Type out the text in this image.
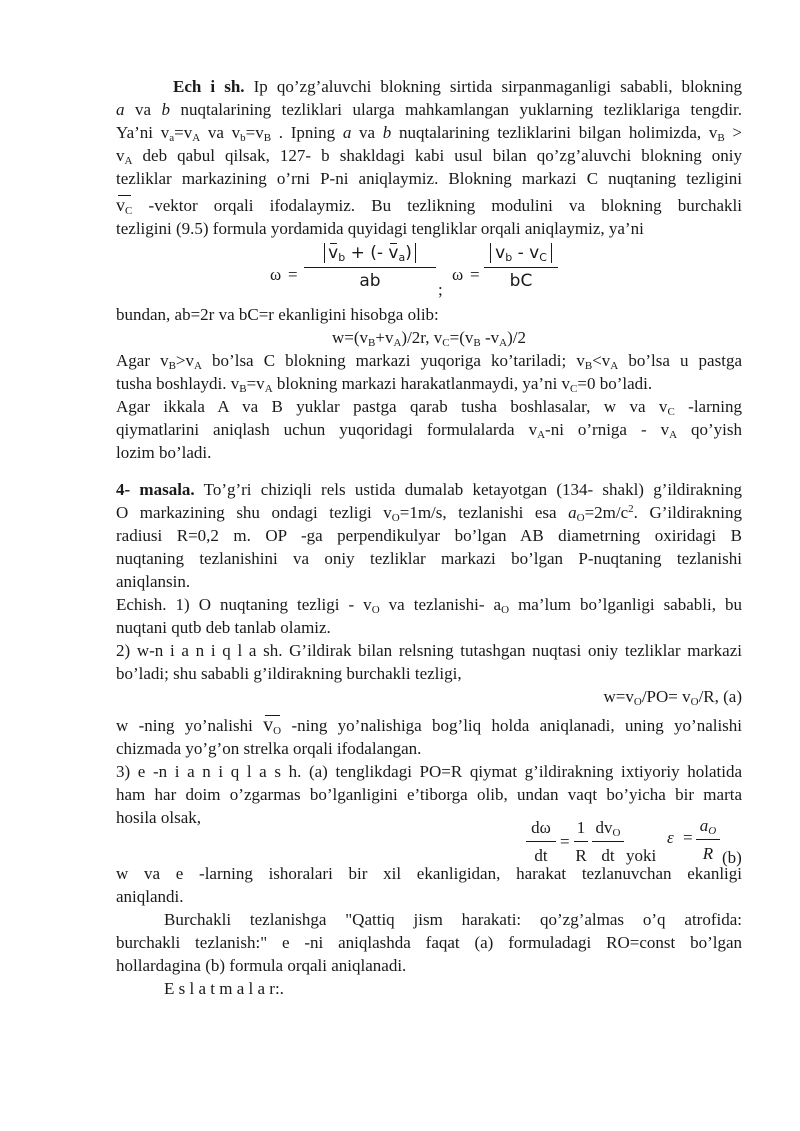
Ech i sh. Ip qo’zg’aluvchi blokning sirtida sirpanmaganligi sababli, blokning
a va b nuqtalarining tezliklari ularga mahkamlangan yuklarning tezliklariga tengdir.
Ya’ni $v_a=v_A$ va $v_b=v_B$ . Ipning a va b nuqtalarining tezliklarini bilgan holimizda, $v_B$ >
$v_A$ deb qabul qilsak, 127- b shakldagi kabi usul bilan qo’zg’aluvchi blokning oniy
tezliklar markazining o’rni P-ni aniqlaymiz. Blokning markazi C nuqtaning tezligini
$v_C$ -vektor orqali ifodalaymiz. Bu tezlikning modulini va blokning burchakli
tezligini (9.5) formula yordamida quyidagi tengliklar orqali aniqlaymiz, ya’ni
ω =
$v_b$ + (- $v_a$)
ab	;
ω =
$v_b - v_C$
bC
bundan, ab=2r va bC=r ekanligini hisobga olib:
$w=(v_B+v_A)/2r$, $v_C=(v_B$ $-v_A)/2$
Agar $v_B>v_A$ bo’lsa C blokning markazi yuqoriga ko’tariladi; $v_B<v_A$ bo’lsa u pastga
tusha boshlaydi. $v_B=v_A$ blokning markazi harakatlanmaydi, ya’ni $v_C=0$ bo’ladi.
Agar ikkala A va B yuklar pastga qarab tusha boshlasalar, w va $v_C$ -larning
qiymatlarini aniqlash uchun yuqoridagi formulalarda $v_A-ni$ o’rniga - $v_A$ qo’yish
lozim bo’ladi.
4- masala. To’g’ri chiziqli rels ustida dumalab ketayotgan (134- shakl) g’ildirakning
O markazining shu ondagi tezligi $v_O=1m/s$, tezlanishi esa $a_O=2m/c^2$. G’ildirakning
radiusi R=0,2 m. OP -ga perpendikulyar bo’lgan AB diametrning oxiridagi B
nuqtaning tezlanishini va oniy tezliklar markazi bo’lgan P-nuqtaning tezlanishi
aniqlansin.
Echish. 1) O nuqtaning tezligi - $v_O$ va tezlanishi- $a_O$ ma’lum bo’lganligi sababli, bu
nuqtani qutb deb tanlab olamiz.
2) w-n i a n i q l a sh. G’ildirak bilan relsning tutashgan nuqtasi oniy tezliklar markazi
bo’ladi; shu sababli g’ildirakning burchakli tezligi,
$w=v_O/PO= v_O/R$, (a)
w -ning yo’nalishi $v_O$ -ning yo’nalishiga bog’liq holda aniqlanadi, uning yo’nalishi
chizmada yo’g’on strelka orqali ifodalangan.
3) e -n i a n i q l a s h. (a) tenglikdagi PO=R qiymat g’ildirakning ixtiyoriy holatida
ham har doim o’zgarmas bo’lganligini e’tiborga olib, undan vaqt bo’yicha bir marta
hosila olsak,
dω
dt
=
1
R
$dv_O$
dt yoki
ε =
$a_O$
R (b)
w va e -larning ishoralari bir xil ekanligidan, harakat tezlanuvchan ekanligi
aniqlandi.
Burchakli tezlanishga "Qattiq jism harakati: qo’zg’almas o’q atrofida:
burchakli tezlanish:" e -ni aniqlashda faqat (a) formuladagi RO=const bo’lgan
hollardagina (b) formula orqali aniqlanadi.
E s l a t m a l a r:.
